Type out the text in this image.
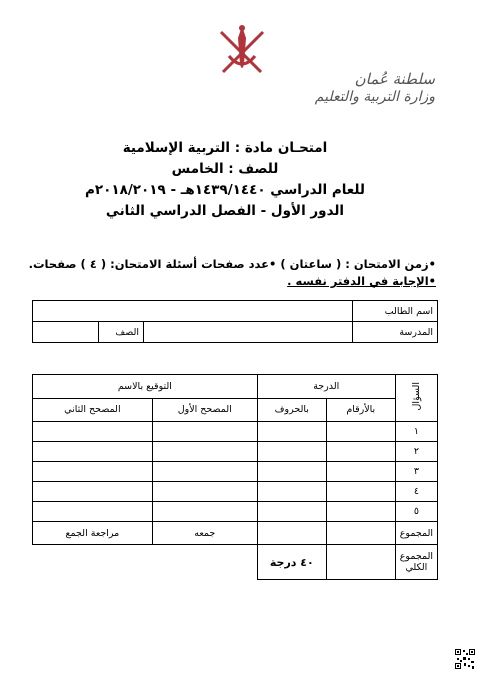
سلطنة عُمان
وزارة التربية والتعليم
امتحـان مادة : التربية الإسلامية
للصف : الخامس
للعام الدراسي ١٤٣٩/١٤٤٠هـ - ٢٠١٨/٢٠١٩م
الدور الأول - الفصل الدراسي الثاني
•زمن الامتحان : ( ساعتان ) •عدد صفحات أسئلة الامتحان: ( ٤ ) صفحات.
•الإجابة في الدفتر نفسه .
اسم الطالب			
المدرسة		الصف	
السؤال	الدرجة		التوقيع بالاسم	
	بالأرقام	بالحروف	المصحح الأول	المصحح الثاني
١				
٢				
٣				
٤				
٥				
المجموع			جمعه	مراجعة الجمع
المجموع الكلي		٤٠ درجة		
